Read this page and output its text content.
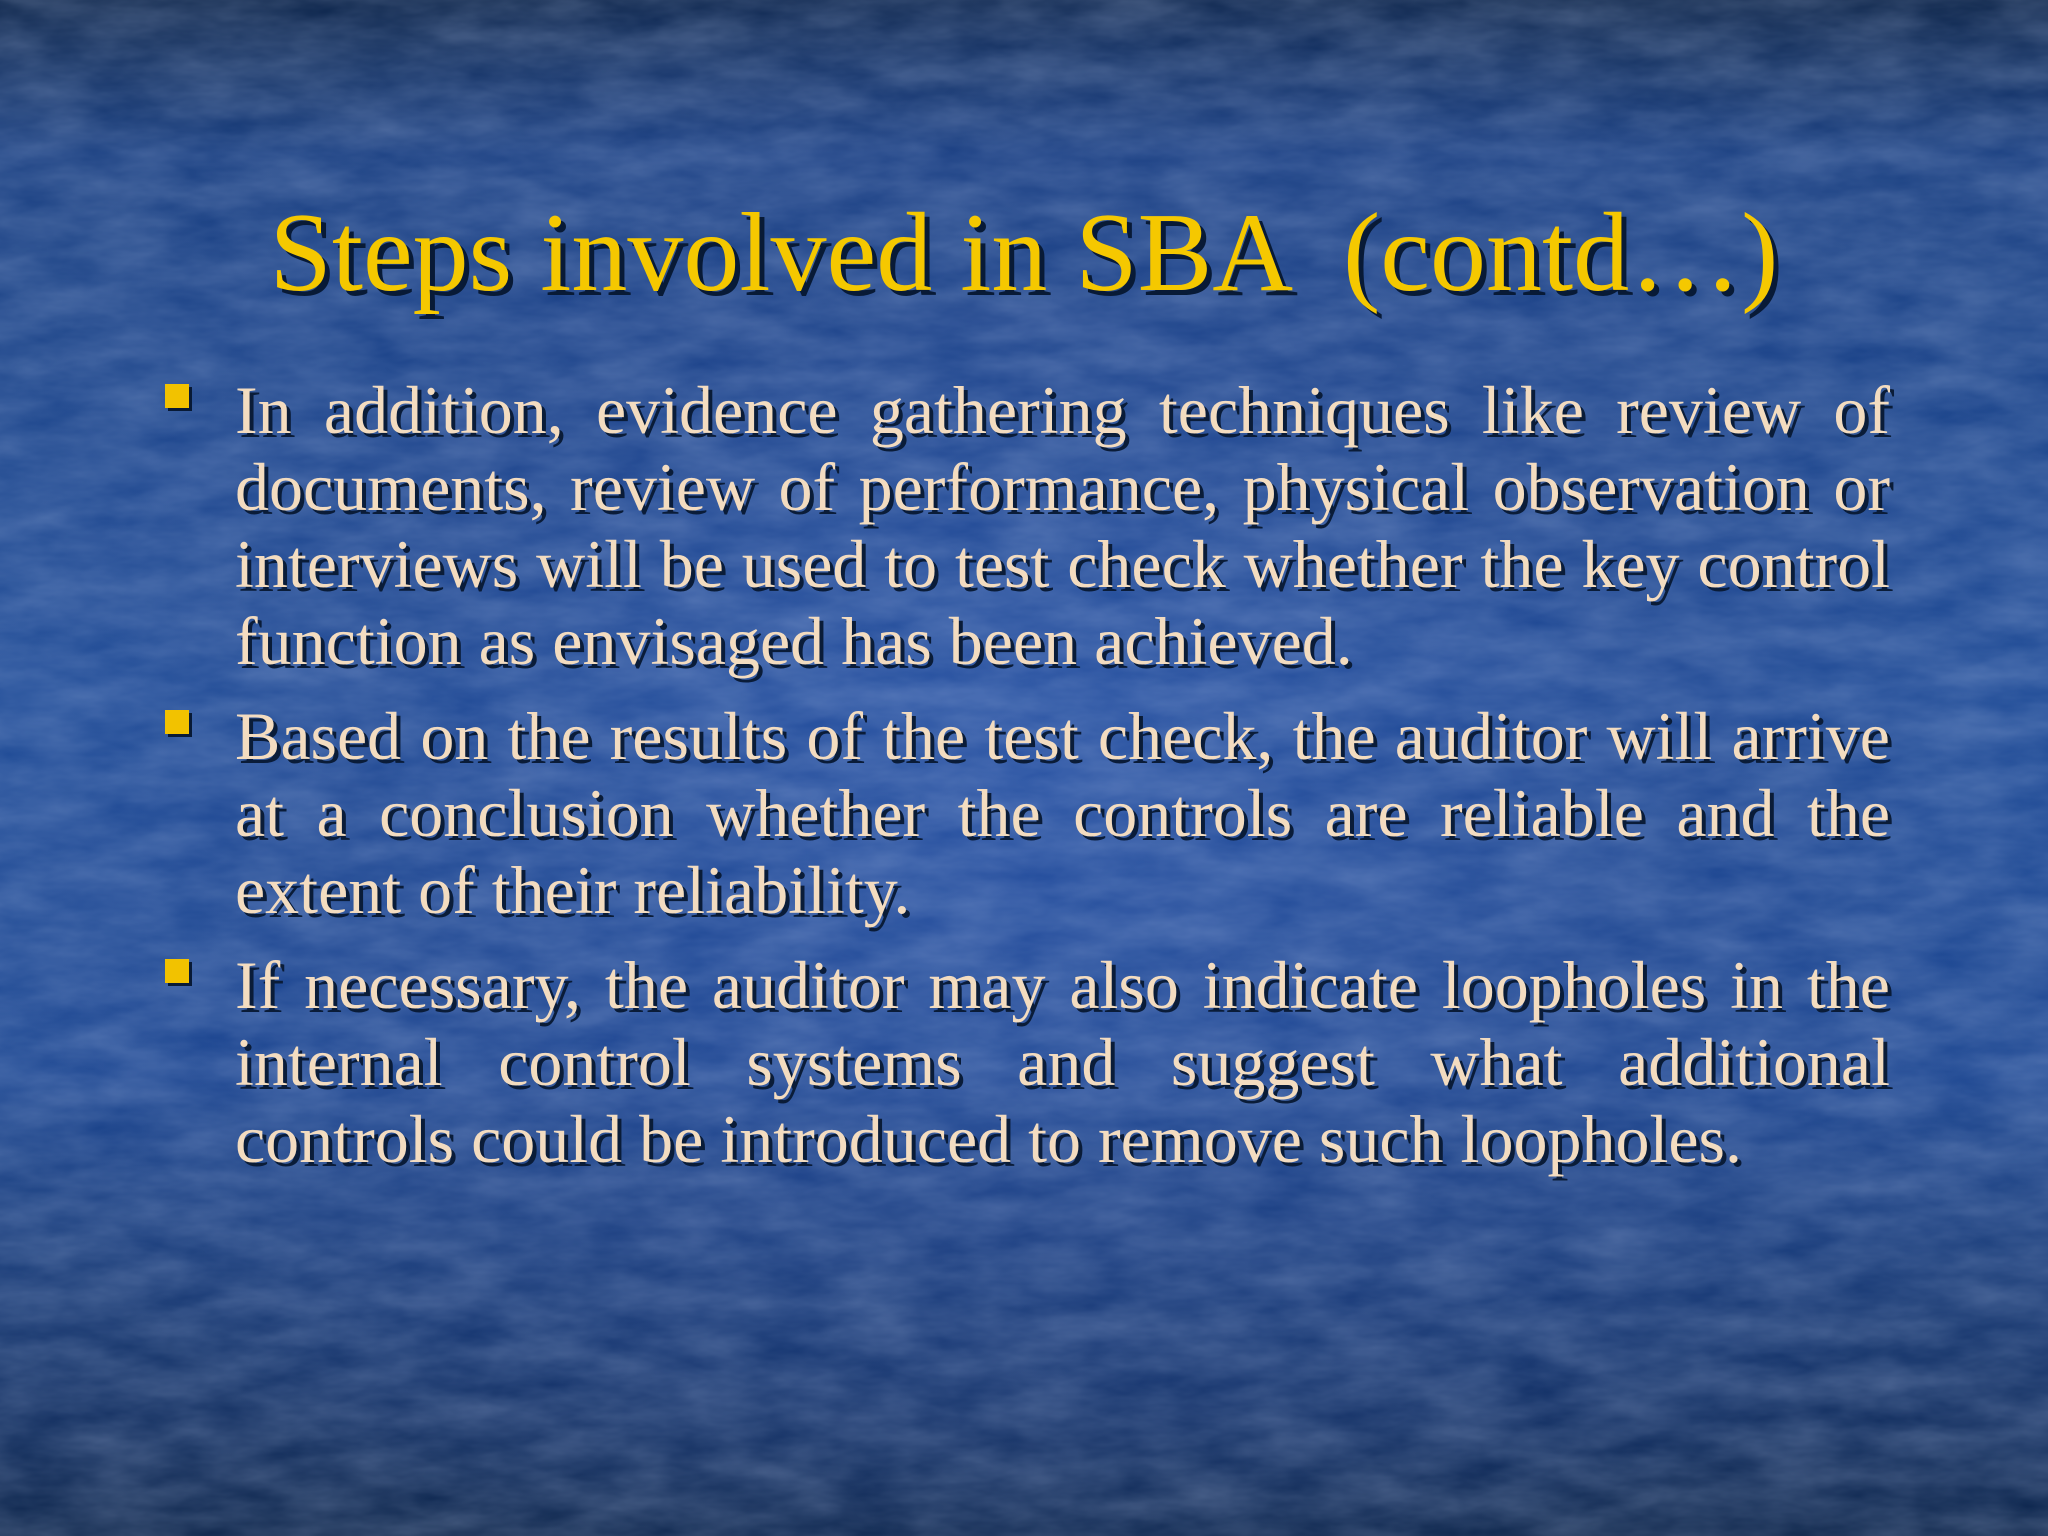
Steps involved in SBA  (contd…)
In addition, evidence gathering techniques like review of documents, review of performance, physical observation or interviews will be used to test check whether the key control function as envisaged has been achieved.
Based on the results of the test check, the auditor will arrive at a conclusion whether the controls are reliable and the extent of their reliability.
If necessary, the auditor may also indicate loopholes in the internal control systems and suggest what additional controls could be introduced to remove such loopholes.
